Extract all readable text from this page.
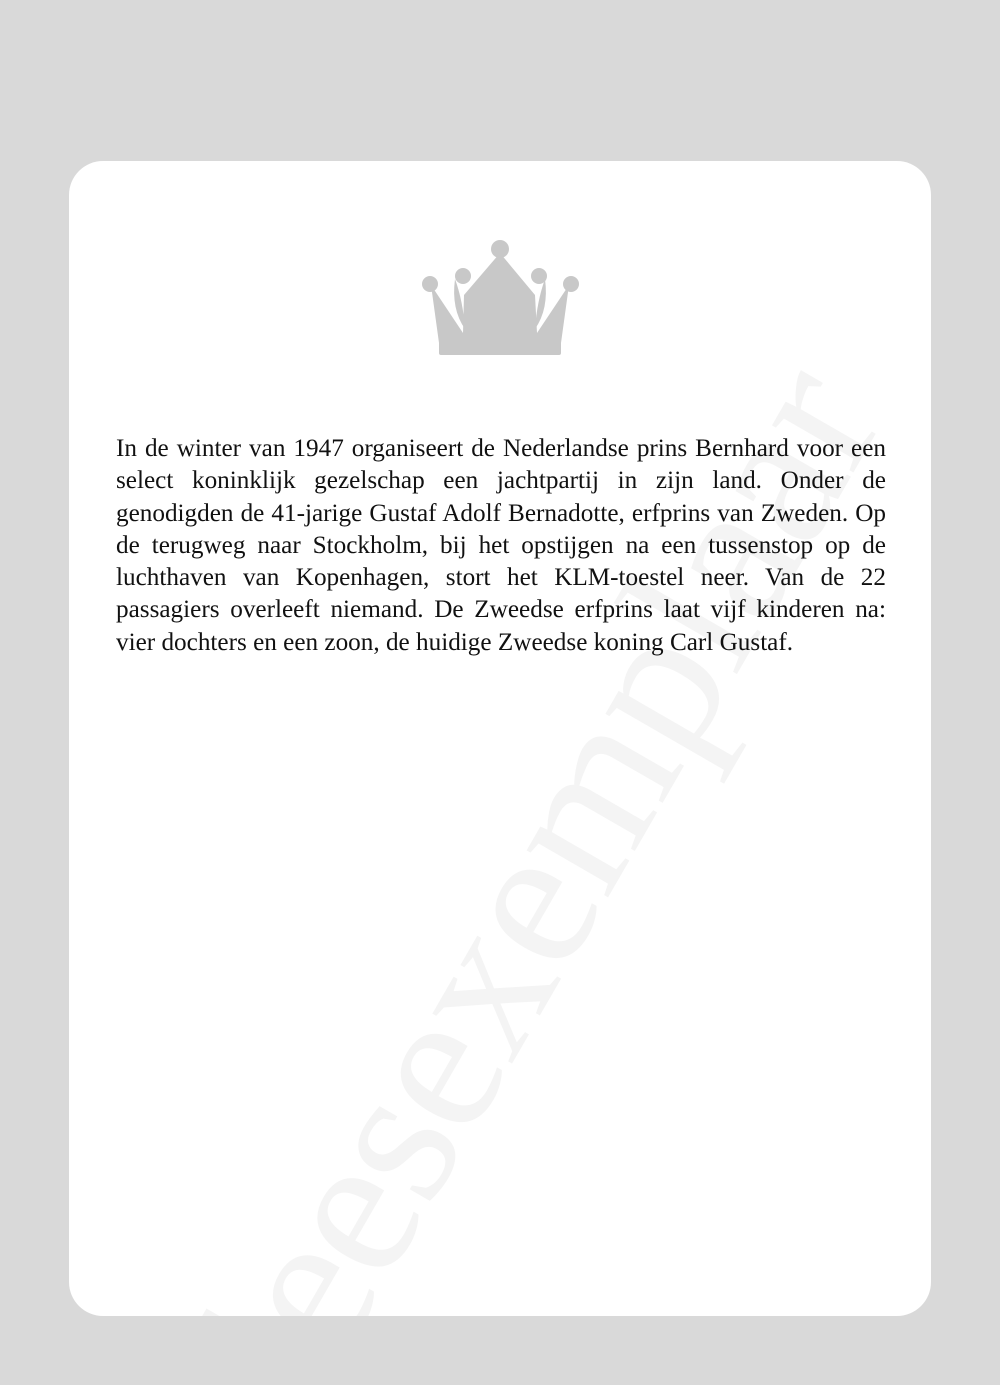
In de winter van 1947 organiseert de Nederlandse prins Bernhard voor een select koninklijk gezelschap een jachtpartij in zijn land. Onder de genodigden de 41-jarige Gustaf Adolf Bernadotte, erfprins van Zweden. Op de terugweg naar Stockholm, bij het opstijgen na een tussenstop op de luchthaven van Kopenhagen, stort het KLM-toestel neer. Van de 22 passagiers overleeft niemand. De Zweedse erfprins laat vijf kinderen na: vier dochters en een zoon, de huidige Zweedse koning Carl Gustaf.
